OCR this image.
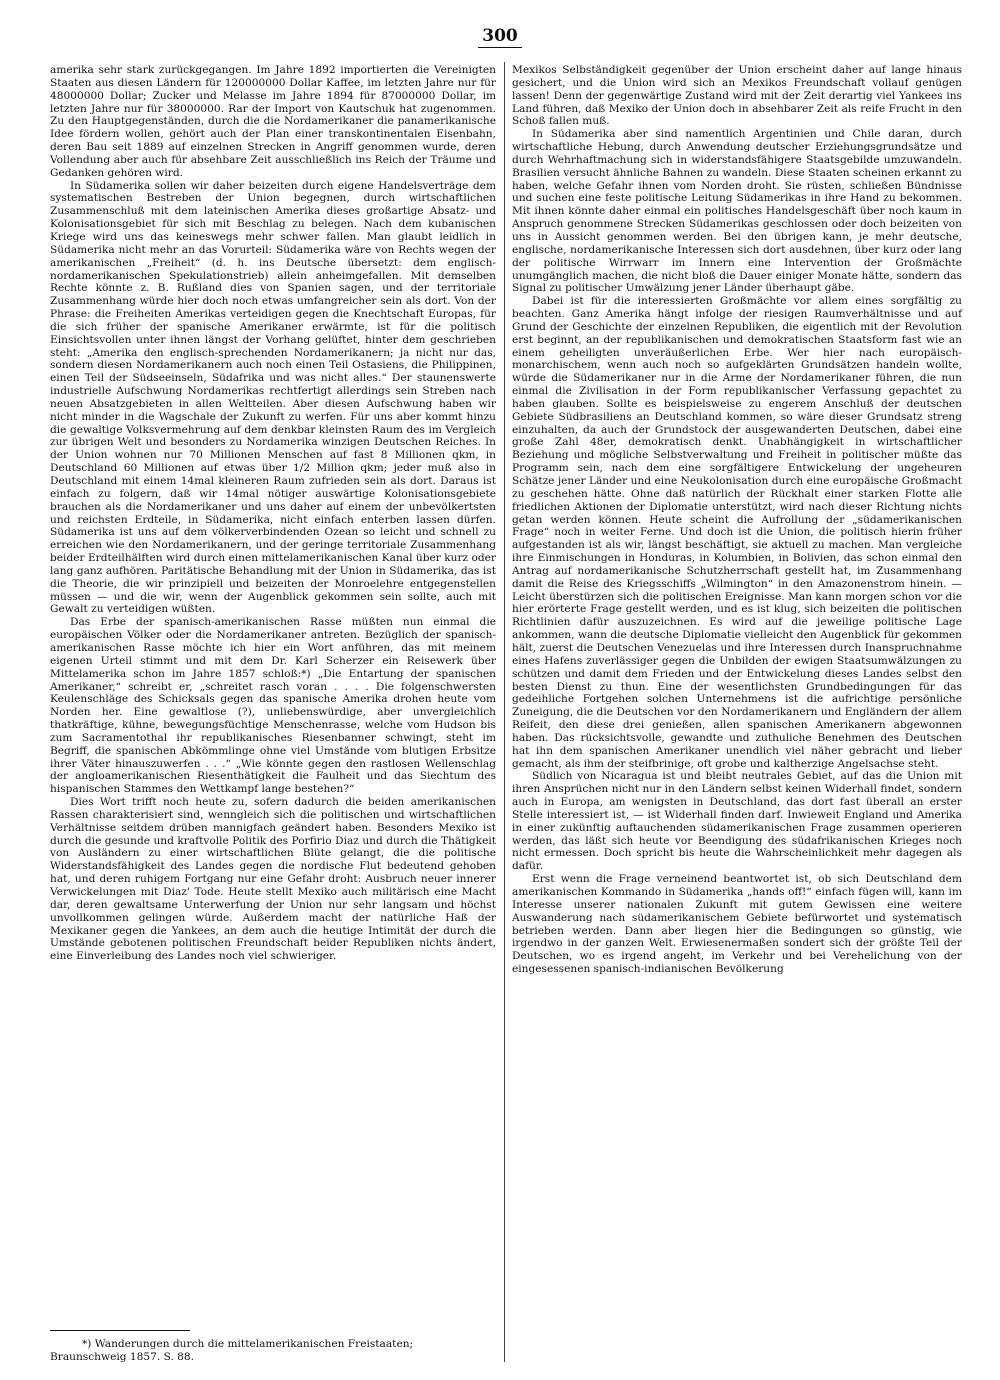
300

amerika sehr stark zurückgegangen. Im Jahre 1892 importierten die Vereinigten Staaten aus diesen Ländern für 120000000 Dollar Kaffee, im letzten Jahre nur für 48000000 Dollar; Zucker und Melasse im Jahre 1894 für 87000000 Dollar, im letzten Jahre nur für 38000000. Rar der Import von Kautschuk hat zugenommen. Zu den Hauptgegenständen, durch die die Nordamerikaner die panamerikanische Idee fördern wollen, gehört auch der Plan einer transkontinentalen Eisenbahn, deren Bau seit 1889 auf einzelnen Strecken in Angriff genommen wurde, deren Vollendung aber auch für absehbare Zeit ausschließlich ins Reich der Träume und Gedanken gehören wird.

In Südamerika sollen wir daher beizeiten durch eigene Handelsverträge dem systematischen Bestreben der Union begegnen, durch wirtschaftlichen Zusammenschluß mit dem lateinischen Amerika dieses großartige Absatz- und Kolonisationsgebiet für sich mit Beschlag zu belegen. Nach dem kubanischen Kriege wird uns das keineswegs mehr schwer fallen. Man glaubt leidlich in Südamerika nicht mehr an das Vorurteil: Südamerika wäre von Rechts wegen der amerikanischen „Freiheit“ (d. h. ins Deutsche übersetzt: dem englisch-nordamerikanischen Spekulationstrieb) allein anheimgefallen. Mit demselben Rechte könnte z. B. Rußland dies von Spanien sagen, und der territoriale Zusammenhang würde hier doch noch etwas umfangreicher sein als dort. Von der Phrase: die Freiheiten Amerikas verteidigen gegen die Knechtschaft Europas, für die sich früher der spanische Amerikaner erwärmte, ist für die politisch Einsichtsvollen unter ihnen längst der Vorhang gelüftet, hinter dem geschrieben steht: „Amerika den englisch-sprechenden Nordamerikanern; ja nicht nur das, sondern diesen Nordamerikanern auch noch einen Teil Ostasiens, die Philippinen, einen Teil der Südseeinseln, Südafrika und was nicht alles.“ Der staunenswerte industrielle Aufschwung Nordamerikas rechtfertigt allerdings sein Streben nach neuen Absatzgebieten in allen Weltteilen. Aber diesen Aufschwung haben wir nicht minder in die Wagschale der Zukunft zu werfen. Für uns aber kommt hinzu die gewaltige Volksvermehrung auf dem denkbar kleinsten Raum des im Vergleich zur übrigen Welt und besonders zu Nordamerika winzigen Deutschen Reiches. In der Union wohnen nur 70 Millionen Menschen auf fast 8 Millionen qkm, in Deutschland 60 Millionen auf etwas über 1/2 Million qkm; jeder muß also in Deutschland mit einem 14mal kleineren Raum zufrieden sein als dort. Daraus ist einfach zu folgern, daß wir 14mal nötiger auswärtige Kolonisationsgebiete brauchen als die Nordamerikaner und uns daher auf einem der unbevölkertsten und reichsten Erdteile, in Südamerika, nicht einfach enterben lassen dürfen. Südamerika ist uns auf dem völkerverbindenden Ozean so leicht und schnell zu erreichen wie den Nordamerikanern, und der geringe territoriale Zusammenhang beider Erdteilhälften wird durch einen mittelamerikanischen Kanal über kurz oder lang ganz aufhören. Paritätische Behandlung mit der Union in Südamerika, das ist die Theorie, die wir prinzipiell und beizeiten der Monroelehre entgegenstellen müssen — und die wir, wenn der Augenblick gekommen sein sollte, auch mit Gewalt zu verteidigen wüßten.

Das Erbe der spanisch-amerikanischen Rasse müßten nun einmal die europäischen Völker oder die Nordamerikaner antreten. Bezüglich der spanisch-amerikanischen Rasse möchte ich hier ein Wort anführen, das mit meinem eigenen Urteil stimmt und mit dem Dr. Karl Scherzer ein Reisewerk über Mittelamerika schon im Jahre 1857 schloß:*) „Die Entartung der spanischen Amerikaner,“ schreibt er, „schreitet rasch voran . . . . Die folgenschwersten Keulenschläge des Schicksals gegen das spanische Amerika drohen heute vom Norden her. Eine gewaltlose (?), unliebenswürdige, aber unvergleichlich thatkräftige, kühne, bewegungsfüchtige Menschenrasse, welche vom Hudson bis zum Sacramentothal ihr republikanisches Riesenbanner schwingt, steht im Begriff, die spanischen Abkömmlinge ohne viel Umstände vom blutigen Erbsitze ihrer Väter hinauszuwerfen . . .“ „Wie könnte gegen den rastlosen Wellenschlag der angloamerikanischen Riesenthätigkeit die Faulheit und das Siechtum des hispanischen Stammes den Wettkampf lange bestehen?“

Dies Wort trifft noch heute zu, sofern dadurch die beiden amerikanischen Rassen charakterisiert sind, wenngleich sich die politischen und wirtschaftlichen Verhältnisse seitdem drüben mannigfach geändert haben. Besonders Mexiko ist durch die gesunde und kraftvolle Politik des Porfirio Diaz und durch die Thätigkeit von Ausländern zu einer wirtschaftlichen Blüte gelangt, die die politische Widerstandsfähigkeit des Landes gegen die nordische Flut bedeutend gehoben hat, und deren ruhigem Fortgang nur eine Gefahr droht: Ausbruch neuer innerer Verwickelungen mit Diaz' Tode. Heute stellt Mexiko auch militärisch eine Macht dar, deren gewaltsame Unterwerfung der Union nur sehr langsam und höchst unvollkommen gelingen würde. Außerdem macht der natürliche Haß der Mexikaner gegen die Yankees, an dem auch die heutige Intimität der durch die Umstände gebotenen politischen Freundschaft beider Republiken nichts ändert, eine Einverleibung des Landes noch viel schwieriger.

Mexikos Selbständigkeit gegenüber der Union erscheint daher auf lange hinaus gesichert, und die Union wird sich an Mexikos Freundschaft vollauf genügen lassen! Denn der gegenwärtige Zustand wird mit der Zeit derartig viel Yankees ins Land führen, daß Mexiko der Union doch in absehbarer Zeit als reife Frucht in den Schoß fallen muß.

In Südamerika aber sind namentlich Argentinien und Chile daran, durch wirtschaftliche Hebung, durch Anwendung deutscher Erziehungsgrundsätze und durch Wehrhaftmachung sich in widerstandsfähigere Staatsgebilde umzuwandeln. Brasilien versucht ähnliche Bahnen zu wandeln. Diese Staaten scheinen erkannt zu haben, welche Gefahr ihnen vom Norden droht. Sie rüsten, schließen Bündnisse und suchen eine feste politische Leitung Südamerikas in ihre Hand zu bekommen. Mit ihnen könnte daher einmal ein politisches Handelsgeschäft über noch kaum in Anspruch genommene Strecken Südamerikas geschlossen oder doch beizeiten von uns in Aussicht genommen werden. Bei den übrigen kann, je mehr deutsche, englische, nordamerikanische Interessen sich dort ausdehnen, über kurz oder lang der politische Wirrwarr im Innern eine Intervention der Großmächte unumgänglich machen, die nicht bloß die Dauer einiger Monate hätte, sondern das Signal zu politischer Umwälzung jener Länder überhaupt gäbe.

Dabei ist für die interessierten Großmächte vor allem eines sorgfältig zu beachten. Ganz Amerika hängt infolge der riesigen Raumverhältnisse und auf Grund der Geschichte der einzelnen Republiken, die eigentlich mit der Revolution erst beginnt, an der republikanischen und demokratischen Staatsform fast wie an einem geheiligten unveräußerlichen Erbe. Wer hier nach europäisch-monarchischem, wenn auch noch so aufgeklärten Grundsätzen handeln wollte, würde die Südamerikaner nur in die Arme der Nordamerikaner führen, die nun einmal die Zivilisation in der Form republikanischer Verfassung gepachtet zu haben glauben. Sollte es beispielsweise zu engerem Anschluß der deutschen Gebiete Südbrasiliens an Deutschland kommen, so wäre dieser Grundsatz streng einzuhalten, da auch der Grundstock der ausgewanderten Deutschen, dabei eine große Zahl 48er, demokratisch denkt. Unabhängigkeit in wirtschaftlicher Beziehung und mögliche Selbstverwaltung und Freiheit in politischer müßte das Programm sein, nach dem eine sorgfältigere Entwickelung der ungeheuren Schätze jener Länder und eine Neukolonisation durch eine europäische Großmacht zu geschehen hätte. Ohne daß natürlich der Rückhalt einer starken Flotte alle friedlichen Aktionen der Diplomatie unterstützt, wird nach dieser Richtung nichts getan werden können. Heute scheint die Aufrollung der „südamerikanischen Frage“ noch in weiter Ferne. Und doch ist die Union, die politisch hierin früher aufgestanden ist als wir, längst beschäftigt, sie aktuell zu machen. Man vergleiche ihre Einmischungen in Honduras, in Kolumbien, in Bolivien, das schon einmal den Antrag auf nordamerikanische Schutzherrschaft gestellt hat, im Zusammenhang damit die Reise des Kriegsschiffs „Wilmington“ in den Amazonenstrom hinein. — Leicht überstürzen sich die politischen Ereignisse. Man kann morgen schon vor die hier erörterte Frage gestellt werden, und es ist klug, sich beizeiten die politischen Richtlinien dafür auszuzeichnen. Es wird auf die jeweilige politische Lage ankommen, wann die deutsche Diplomatie vielleicht den Augenblick für gekommen hält, zuerst die Deutschen Venezuelas und ihre Interessen durch Inanspruchnahme eines Hafens zuverlässiger gegen die Unbilden der ewigen Staatsumwälzungen zu schützen und damit dem Frieden und der Entwickelung dieses Landes selbst den besten Dienst zu thun. Eine der wesentlichsten Grundbedingungen für das gedeihliche Fortgehen solchen Unternehmens ist die aufrichtige persönliche Zuneigung, die die Deutschen vor den Nordamerikanern und Engländern der allem Reifeit, den diese drei genießen, allen spanischen Amerikanern abgewonnen haben. Das rücksichtsvolle, gewandte und zuthuliche Benehmen des Deutschen hat ihn dem spanischen Amerikaner unendlich viel näher gebracht und lieber gemacht, als ihm der steifbrinige, oft grobe und kaltherzige Angelsachse steht.

Südlich von Nicaragua ist und bleibt neutrales Gebiet, auf das die Union mit ihren Ansprüchen nicht nur in den Ländern selbst keinen Widerhall findet, sondern auch in Europa, am wenigsten in Deutschland, das dort fast überall an erster Stelle interessiert ist, — ist Widerhall finden darf. Inwieweit England und Amerika in einer zukünftig auftauchenden südamerikanischen Frage zusammen operieren werden, das läßt sich heute vor Beendigung des südafrikanischen Krieges noch nicht ermessen. Doch spricht bis heute die Wahrscheinlichkeit mehr dagegen als dafür.

Erst wenn die Frage verneinend beantwortet ist, ob sich Deutschland dem amerikanischen Kommando in Südamerika „hands off!“ einfach fügen will, kann im Interesse unserer nationalen Zukunft mit gutem Gewissen eine weitere Auswanderung nach südamerikanischem Gebiete befürwortet und systematisch betrieben werden. Dann aber liegen hier die Bedingungen so günstig, wie irgendwo in der ganzen Welt. Erwiesenermaßen sondert sich der größte Teil der Deutschen, wo es irgend angeht, im Verkehr und bei Verehelichung von der eingesessenen spanisch-indianischen Bevölkerung

*) Wanderungen durch die mittelamerikanischen Freistaaten;
Braunschweig 1857. S. 88.
